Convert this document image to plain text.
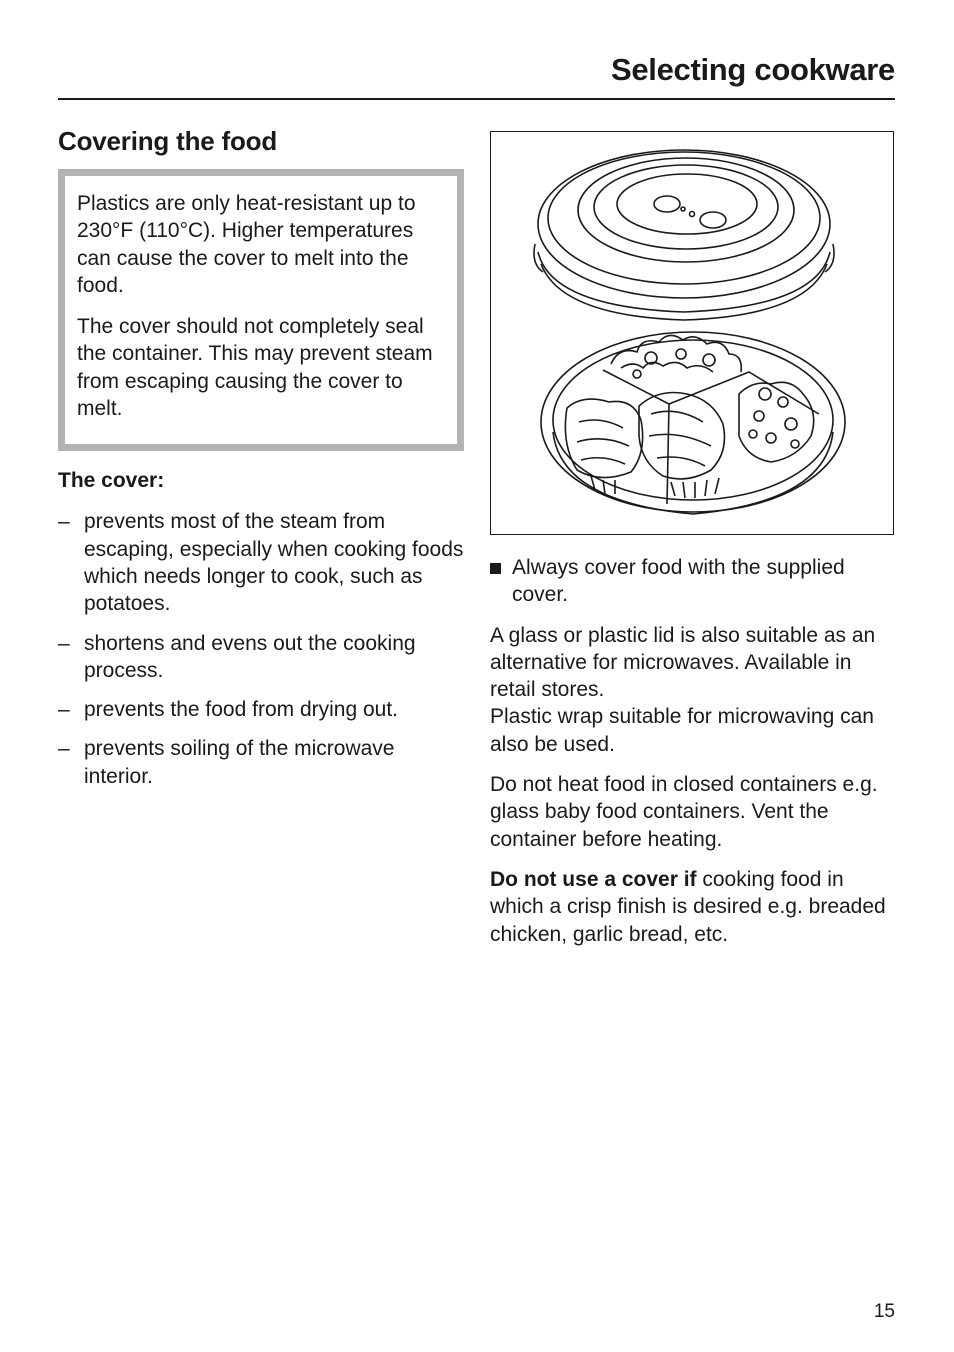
Selecting cookware
Covering the food

Plastics are only heat-resistant up to 230°F (110°C). Higher temperatures can cause the cover to melt into the food.

The cover should not completely seal the container. This may prevent steam from escaping causing the cover to melt.

The cover:
– prevents most of the steam from escaping, especially when cooking foods which needs longer to cook, such as potatoes.
– shortens and evens out the cooking process.
– prevents the food from drying out.
– prevents soiling of the microwave interior.
Always cover food with the supplied cover.

A glass or plastic lid is also suitable as an alternative for microwaves. Available in retail stores.
Plastic wrap suitable for microwaving can also be used.

Do not heat food in closed containers e.g. glass baby food containers. Vent the container before heating.

Do not use a cover if cooking food in which a crisp finish is desired e.g. breaded chicken, garlic bread, etc.

15
